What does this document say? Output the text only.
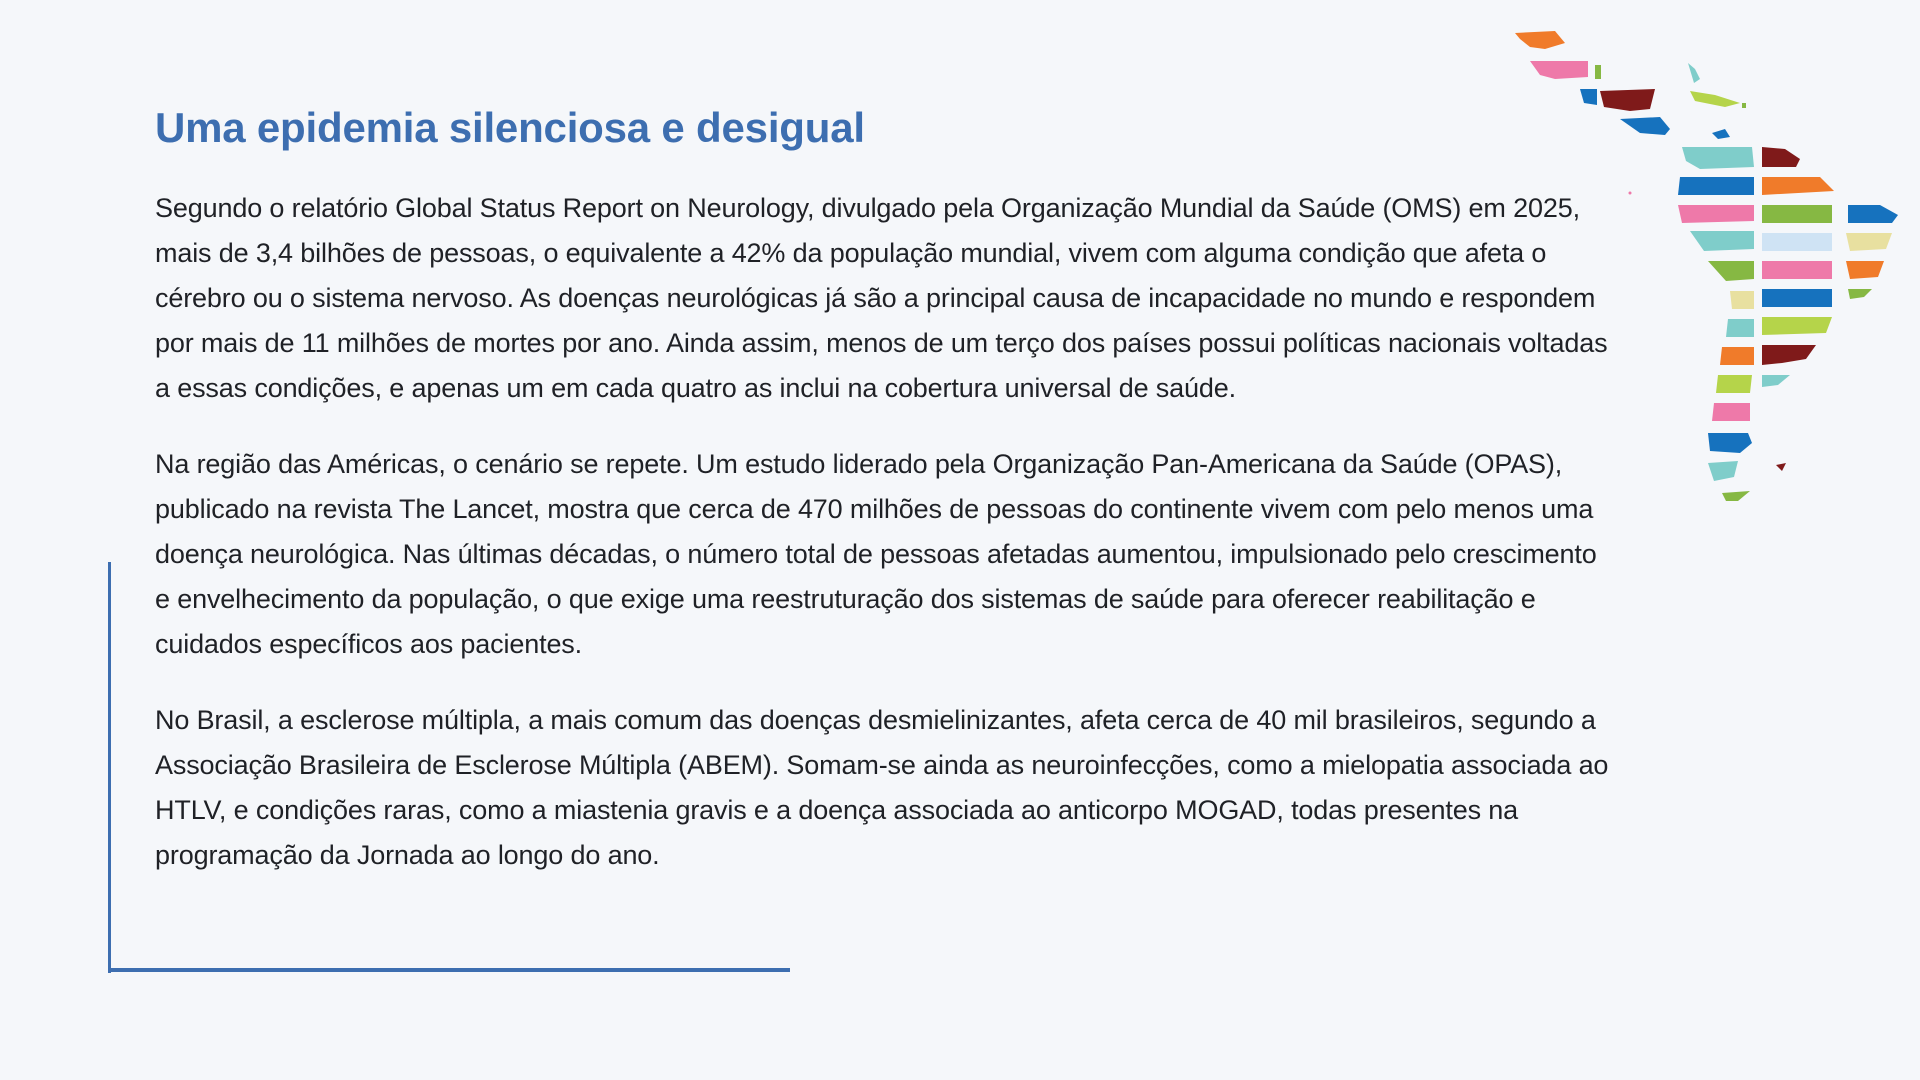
Uma epidemia silenciosa e desigual

Segundo o relatório Global Status Report on Neurology, divulgado pela Organização Mundial da Saúde (OMS) em 2025, mais de 3,4 bilhões de pessoas, o equivalente a 42% da população mundial, vivem com alguma condição que afeta o cérebro ou o sistema nervoso. As doenças neurológicas já são a principal causa de incapacidade no mundo e respondem por mais de 11 milhões de mortes por ano. Ainda assim, menos de um terço dos países possui políticas nacionais voltadas a essas condições, e apenas um em cada quatro as inclui na cobertura universal de saúde.

Na região das Américas, o cenário se repete. Um estudo liderado pela Organização Pan-Americana da Saúde (OPAS), publicado na revista The Lancet, mostra que cerca de 470 milhões de pessoas do continente vivem com pelo menos uma doença neurológica. Nas últimas décadas, o número total de pessoas afetadas aumentou, impulsionado pelo crescimento e envelhecimento da população, o que exige uma reestruturação dos sistemas de saúde para oferecer reabilitação e cuidados específicos aos pacientes.

No Brasil, a esclerose múltipla, a mais comum das doenças desmielinizantes, afeta cerca de 40 mil brasileiros, segundo a Associação Brasileira de Esclerose Múltipla (ABEM). Somam-se ainda as neuroinfecções, como a mielopatia associada ao HTLV, e condições raras, como a miastenia gravis e a doença associada ao anticorpo MOGAD, todas presentes na programação da Jornada ao longo do ano.
